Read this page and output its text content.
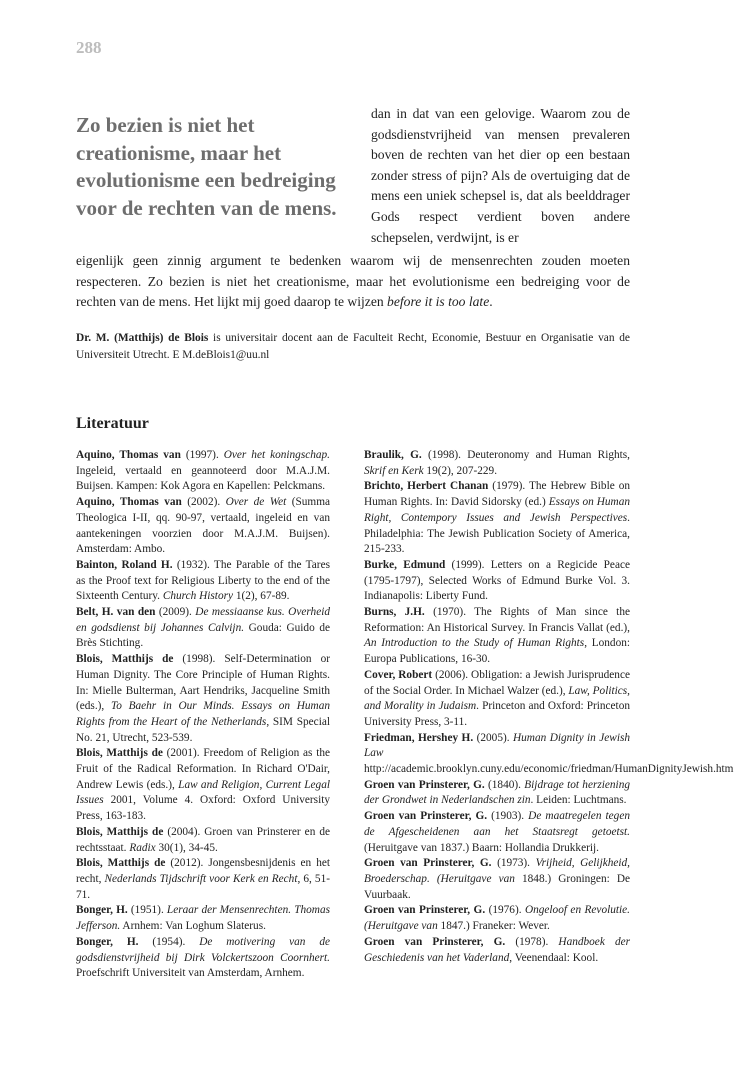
288
Zo bezien is niet het creationisme, maar het evolutionisme een bedreiging voor de rechten van de mens.
dan in dat van een gelovige. Waarom zou de godsdienstvrijheid van mensen prevaleren boven de rechten van het dier op een bestaan zonder stress of pijn? Als de overtuiging dat de mens een uniek schepsel is, dat als beelddrager Gods respect verdient boven andere schepselen, verdwijnt, is er
eigenlijk geen zinnig argument te bedenken waarom wij de mensenrechten zouden moeten respecteren. Zo bezien is niet het creationisme, maar het evolutionisme een bedreiging voor de rechten van de mens. Het lijkt mij goed daarop te wijzen before it is too late.
Dr. M. (Matthijs) de Blois is universitair docent aan de Faculteit Recht, Economie, Bestuur en Organisatie van de Universiteit Utrecht. E M.deBlois1@uu.nl
Literatuur

Aquino, Thomas van (1997). Over het koningschap. Ingeleid, vertaald en geannoteerd door M.A.J.M. Buijsen. Kampen: Kok Agora en Kapellen: Pelckmans.

Aquino, Thomas van (2002). Over de Wet (Summa Theologica I-II, qq. 90-97, vertaald, ingeleid en van aantekeningen voorzien door M.A.J.M. Buijsen). Amsterdam: Ambo.

Bainton, Roland H. (1932). The Parable of the Tares as the Proof text for Religious Liberty to the end of the Sixteenth Century. Church History 1(2), 67-89.

Belt, H. van den (2009). De messiaanse kus. Overheid en godsdienst bij Johannes Calvijn. Gouda: Guido de Brès Stichting.

Blois, Matthijs de (1998). Self-Determination or Human Dignity. The Core Principle of Human Rights. In: Mielle Bulterman, Aart Hendriks, Jacqueline Smith (eds.), To Baehr in Our Minds. Essays on Human Rights from the Heart of the Netherlands, SIM Special No. 21, Utrecht, 523-539.

Blois, Matthijs de (2001). Freedom of Religion as the Fruit of the Radical Reformation. In Richard O'Dair, Andrew Lewis (eds.), Law and Religion, Current Legal Issues 2001, Volume 4. Oxford: Oxford University Press, 163-183.

Blois, Matthijs de (2004). Groen van Prinsterer en de rechtsstaat. Radix 30(1), 34-45.

Blois, Matthijs de (2012). Jongensbesnijdenis en het recht, Nederlands Tijdschrift voor Kerk en Recht, 6, 51-71.

Bonger, H. (1951). Leraar der Mensenrechten. Thomas Jefferson. Arnhem: Van Loghum Slaterus.

Bonger, H. (1954). De motivering van de godsdienstvrijheid bij Dirk Volckertszoon Coornhert. Proefschrift Universiteit van Amsterdam, Arnhem.

Braulik, G. (1998). Deuteronomy and Human Rights, Skrif en Kerk 19(2), 207-229.

Brichto, Herbert Chanan (1979). The Hebrew Bible on Human Rights. In: David Sidorsky (ed.) Essays on Human Right, Contempory Issues and Jewish Perspectives. Philadelphia: The Jewish Publication Society of America, 215-233.

Burke, Edmund (1999). Letters on a Regicide Peace (1795-1797), Selected Works of Edmund Burke Vol. 3. Indianapolis: Liberty Fund.

Burns, J.H. (1970). The Rights of Man since the Reformation: An Historical Survey. In Francis Vallat (ed.), An Introduction to the Study of Human Rights, London: Europa Publications, 16-30.

Cover, Robert (2006). Obligation: a Jewish Jurisprudence of the Social Order. In Michael Walzer (ed.), Law, Politics, and Morality in Judaism. Princeton and Oxford: Princeton University Press, 3-11.

Friedman, Hershey H. (2005). Human Dignity in Jewish Law http://academic.brooklyn.cuny.edu/economic/friedman/HumanDignityJewish.htm

Groen van Prinsterer, G. (1840). Bijdrage tot herziening der Grondwet in Nederlandschen zin. Leiden: Luchtmans.

Groen van Prinsterer, G. (1903). De maatregelen tegen de Afgescheidenen aan het Staatsregt getoetst. (Heruitgave van 1837.) Baarn: Hollandia Drukkerij.

Groen van Prinsterer, G. (1973). Vrijheid, Gelijkheid, Broederschap. (Heruitgave van 1848.) Groningen: De Vuurbaak.

Groen van Prinsterer, G. (1976). Ongeloof en Revolutie. (Heruitgave van 1847.) Franeker: Wever.

Groen van Prinsterer, G. (1978). Handboek der Geschiedenis van het Vaderland, Veenendaal: Kool.
